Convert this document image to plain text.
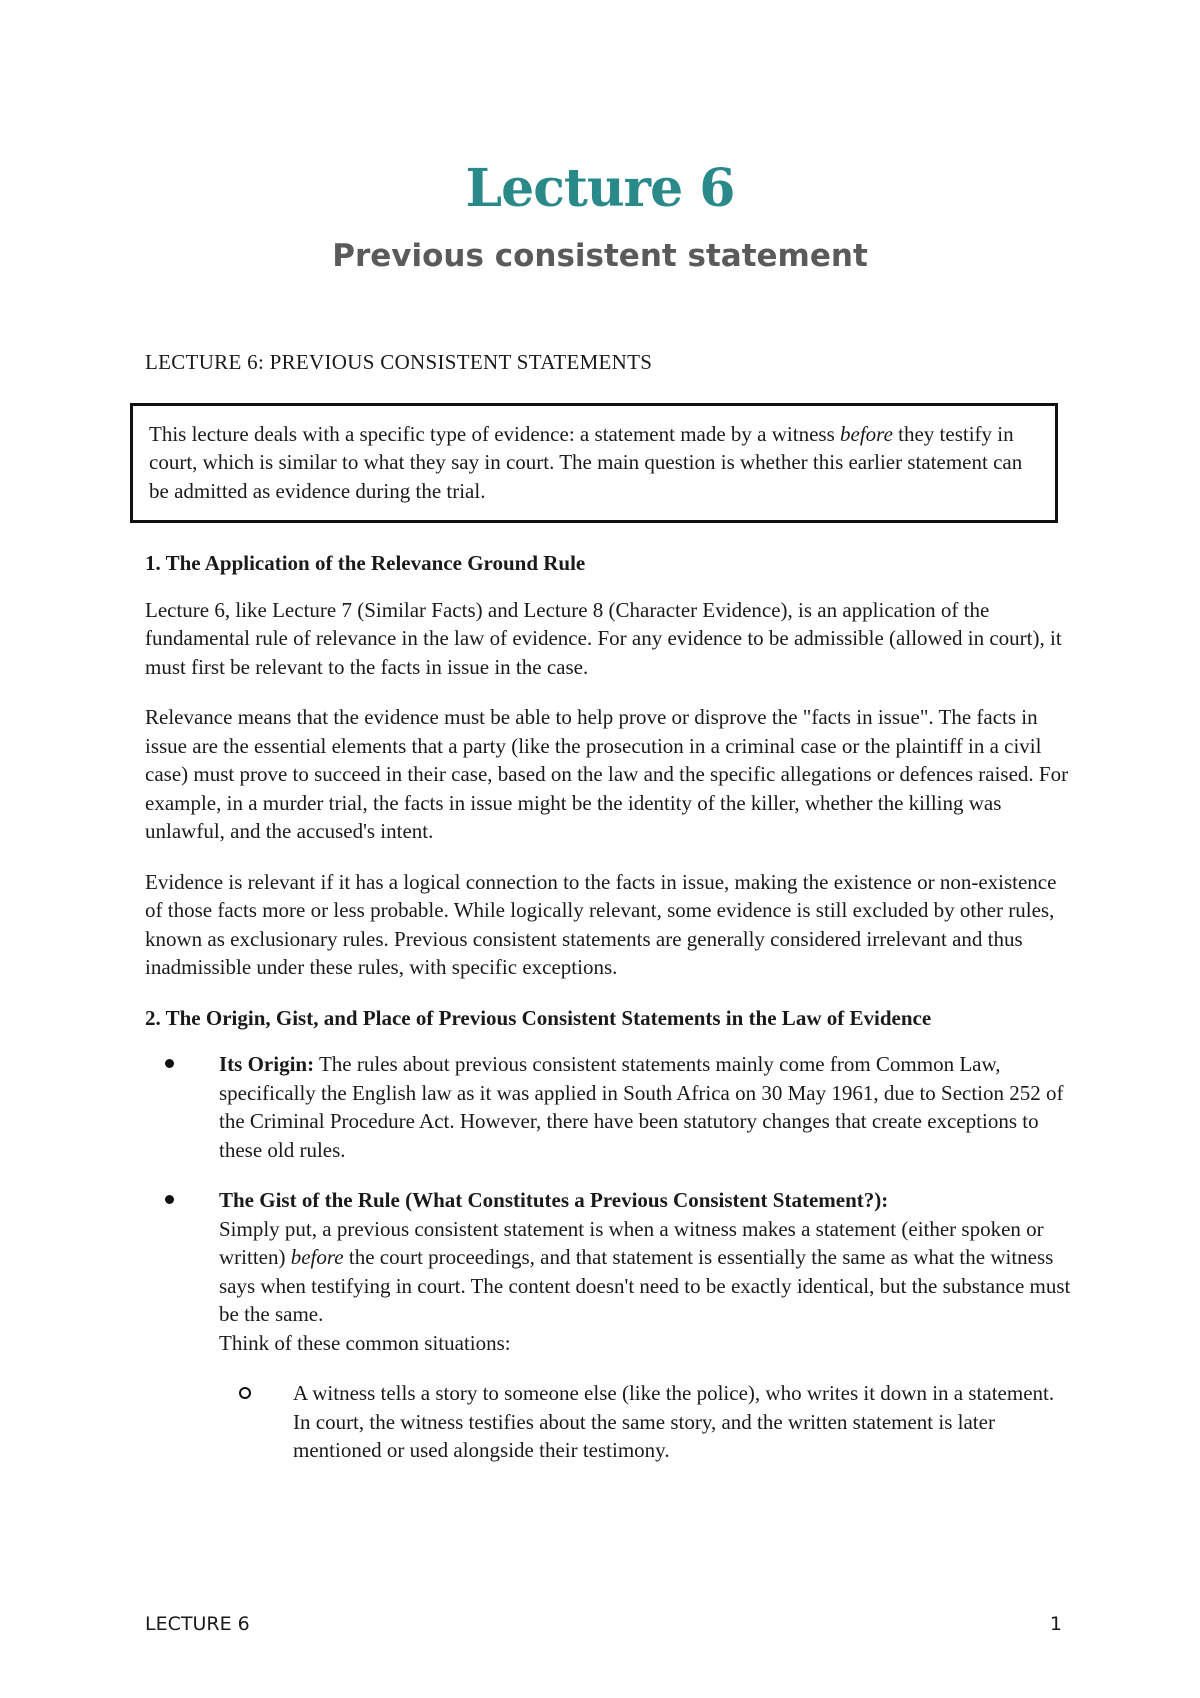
Lecture 6
Previous consistent statement
LECTURE 6: PREVIOUS CONSISTENT STATEMENTS
This lecture deals with a specific type of evidence: a statement made by a witness before they testify in court, which is similar to what they say in court. The main question is whether this earlier statement can be admitted as evidence during the trial.
1. The Application of the Relevance Ground Rule

Lecture 6, like Lecture 7 (Similar Facts) and Lecture 8 (Character Evidence), is an application of the fundamental rule of relevance in the law of evidence. For any evidence to be admissible (allowed in court), it must first be relevant to the facts in issue in the case.

Relevance means that the evidence must be able to help prove or disprove the "facts in issue". The facts in issue are the essential elements that a party (like the prosecution in a criminal case or the plaintiff in a civil case) must prove to succeed in their case, based on the law and the specific allegations or defences raised. For example, in a murder trial, the facts in issue might be the identity of the killer, whether the killing was unlawful, and the accused's intent.

Evidence is relevant if it has a logical connection to the facts in issue, making the existence or non-existence of those facts more or less probable. While logically relevant, some evidence is still excluded by other rules, known as exclusionary rules. Previous consistent statements are generally considered irrelevant and thus inadmissible under these rules, with specific exceptions.

2. The Origin, Gist, and Place of Previous Consistent Statements in the Law of Evidence
Its Origin: The rules about previous consistent statements mainly come from Common Law, specifically the English law as it was applied in South Africa on 30 May 1961, due to Section 252 of the Criminal Procedure Act. However, there have been statutory changes that create exceptions to these old rules.
The Gist of the Rule (What Constitutes a Previous Consistent Statement?):
Simply put, a previous consistent statement is when a witness makes a statement (either spoken or written) before the court proceedings, and that statement is essentially the same as what the witness says when testifying in court. The content doesn't need to be exactly identical, but the substance must be the same.
Think of these common situations:
A witness tells a story to someone else (like the police), who writes it down in a statement. In court, the witness testifies about the same story, and the written statement is later mentioned or used alongside their testimony.
LECTURE 6	1
